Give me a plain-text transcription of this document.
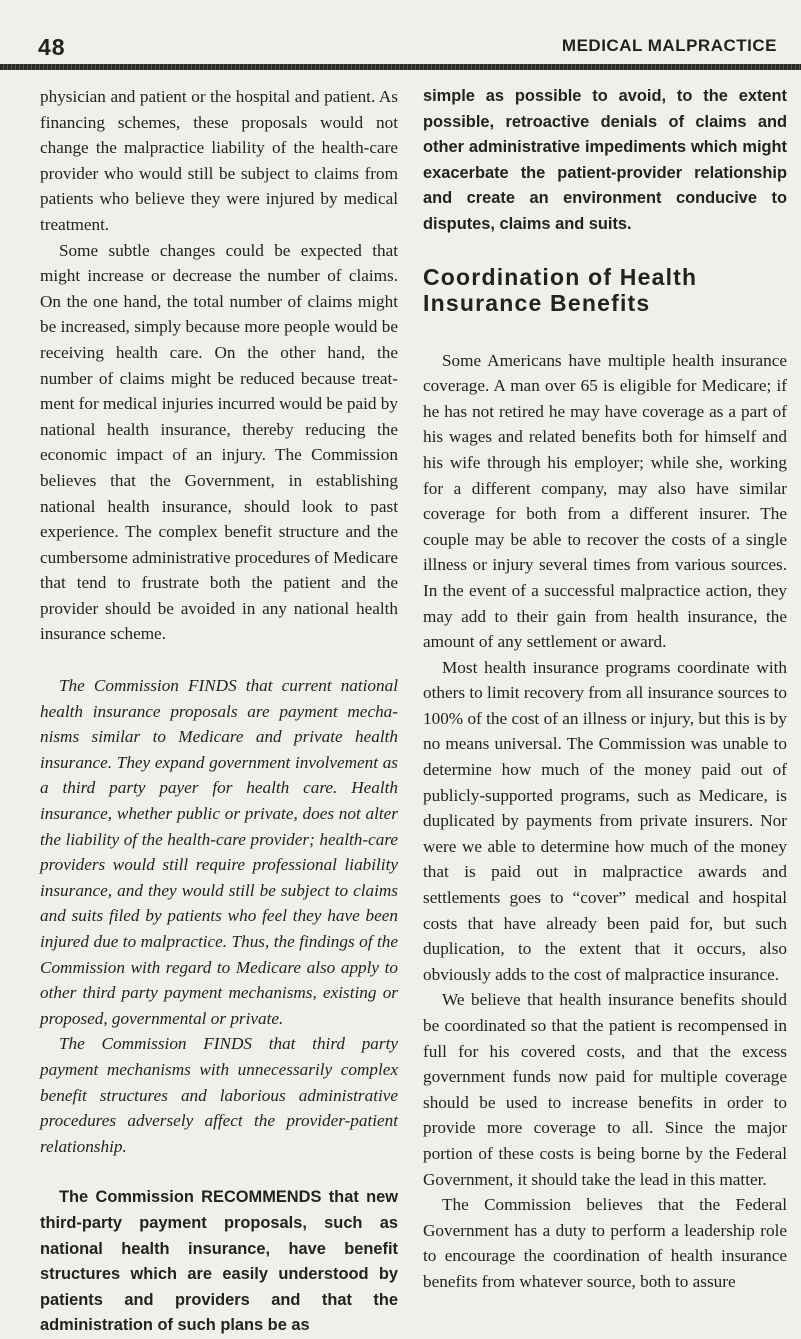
48	MEDICAL MALPRACTICE

physician and patient or the hospital and patient. As financing schemes, these proposals would not change the malpractice liability of the health-care provider who would still be subject to claims from patients who believe they were injured by medical treatment.

Some subtle changes could be expected that might increase or decrease the number of claims. On the one hand, the total number of claims might be increased, simply because more people would be receiving health care. On the other hand, the number of claims might be reduced because treatment for medical injuries incurred would be paid by national health insurance, thereby reducing the economic impact of an injury. The Commission believes that the Government, in establishing national health insurance, should look to past experience. The complex benefit structure and the cumbersome administrative procedures of Medicare that tend to frustrate both the patient and the provider should be avoided in any national health insurance scheme.

The Commission FINDS that current national health insurance proposals are payment mechanisms similar to Medicare and private health insurance. They expand government involvement as a third party payer for health care. Health insurance, whether public or private, does not alter the liability of the health-care provider; health-care providers would still require professional liability insurance, and they would still be subject to claims and suits filed by patients who feel they have been injured due to malpractice. Thus, the findings of the Commission with regard to Medicare also apply to other third party payment mechanisms, existing or proposed, governmental or private.

The Commission FINDS that third party payment mechanisms with unnecessarily complex benefit structures and laborious administrative procedures adversely affect the provider-patient relationship.

The Commission RECOMMENDS that new third-party payment proposals, such as national health insurance, have benefit structures which are easily understood by patients and providers and that the administration of such plans be as

simple as possible to avoid, to the extent possible, retroactive denials of claims and other administrative impediments which might exacerbate the patient-provider relationship and create an environment conducive to disputes, claims and suits.

Coordination of Health Insurance Benefits

Some Americans have multiple health insurance coverage. A man over 65 is eligible for Medicare; if he has not retired he may have coverage as a part of his wages and related benefits both for himself and his wife through his employer; while she, working for a different company, may also have similar coverage for both from a different insurer. The couple may be able to recover the costs of a single illness or injury several times from various sources. In the event of a successful malpractice action, they may add to their gain from health insurance, the amount of any settlement or award.

Most health insurance programs coordinate with others to limit recovery from all insurance sources to 100% of the cost of an illness or injury, but this is by no means universal. The Commission was unable to determine how much of the money paid out of publicly-supported programs, such as Medicare, is duplicated by payments from private insurers. Nor were we able to determine how much of the money that is paid out in malpractice awards and settlements goes to “cover” medical and hospital costs that have already been paid for, but such duplication, to the extent that it occurs, also obviously adds to the cost of malpractice insurance.

We believe that health insurance benefits should be coordinated so that the patient is recompensed in full for his covered costs, and that the excess government funds now paid for multiple coverage should be used to increase benefits in order to provide more coverage to all. Since the major portion of these costs is being borne by the Federal Government, it should take the lead in this matter.

The Commission believes that the Federal Government has a duty to perform a leadership role to encourage the coordination of health insurance benefits from whatever source, both to assure
